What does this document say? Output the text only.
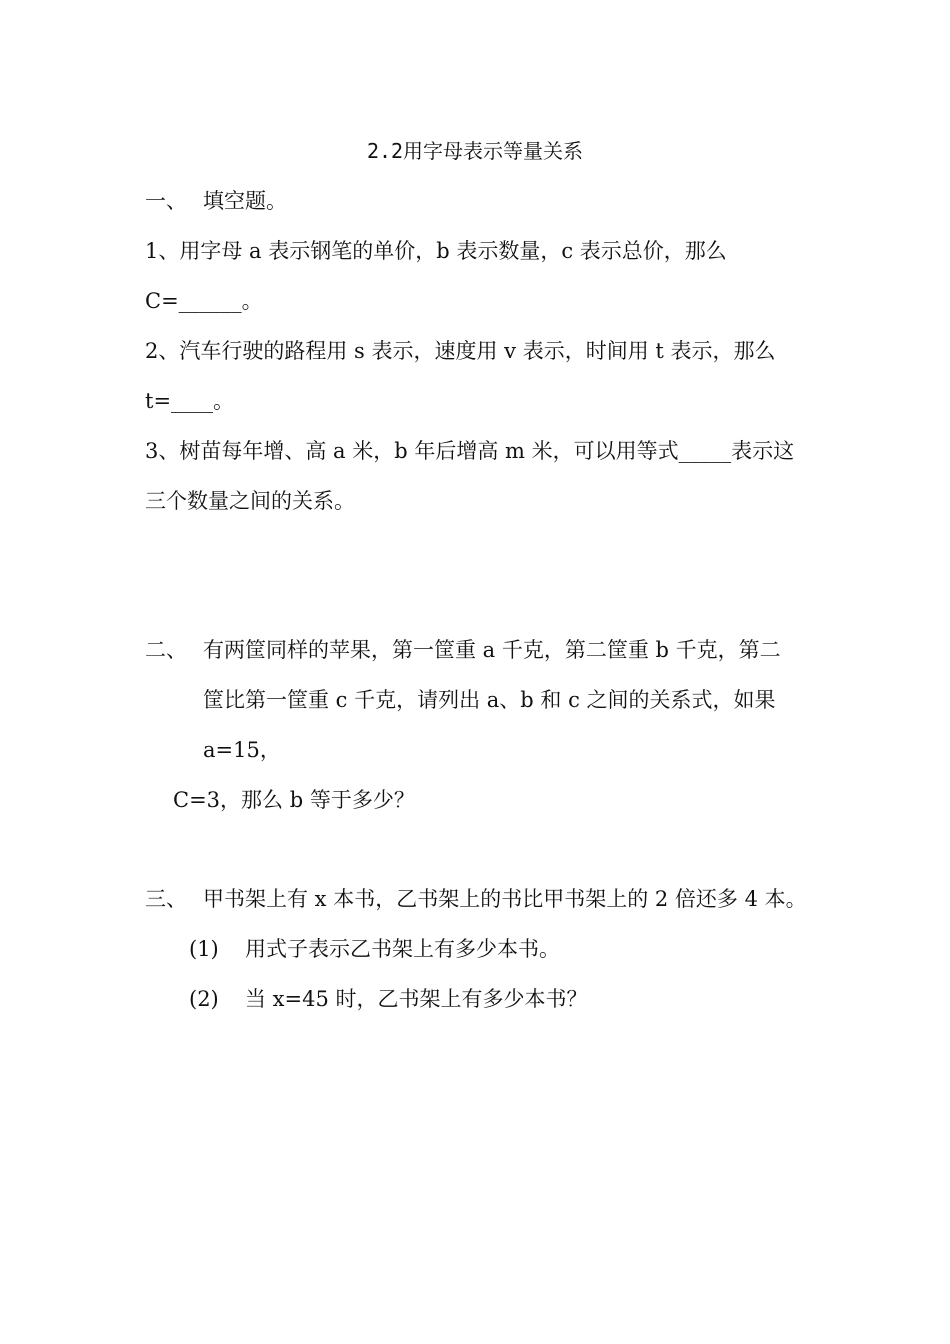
2.2用字母表示等量关系
一、 填空题。
1、用字母 a 表示钢笔的单价，b 表示数量，c 表示总价，那么
C=______。
2、汽车行驶的路程用 s 表示，速度用 v 表示，时间用 t 表示，那么
t=____。
3、树苗每年增、高 a 米，b 年后增高 m 米，可以用等式_____表示这
三个数量之间的关系。
二、 有两筐同样的苹果，第一筐重 a 千克，第二筐重 b 千克，第二
筐比第一筐重 c 千克，请列出 a、b 和 c 之间的关系式，如果
a=15，
C=3，那么 b 等于多少？
三、 甲书架上有 x 本书，乙书架上的书比甲书架上的 2 倍还多 4 本。
(1) 用式子表示乙书架上有多少本书。
(2) 当 x=45 时，乙书架上有多少本书？
